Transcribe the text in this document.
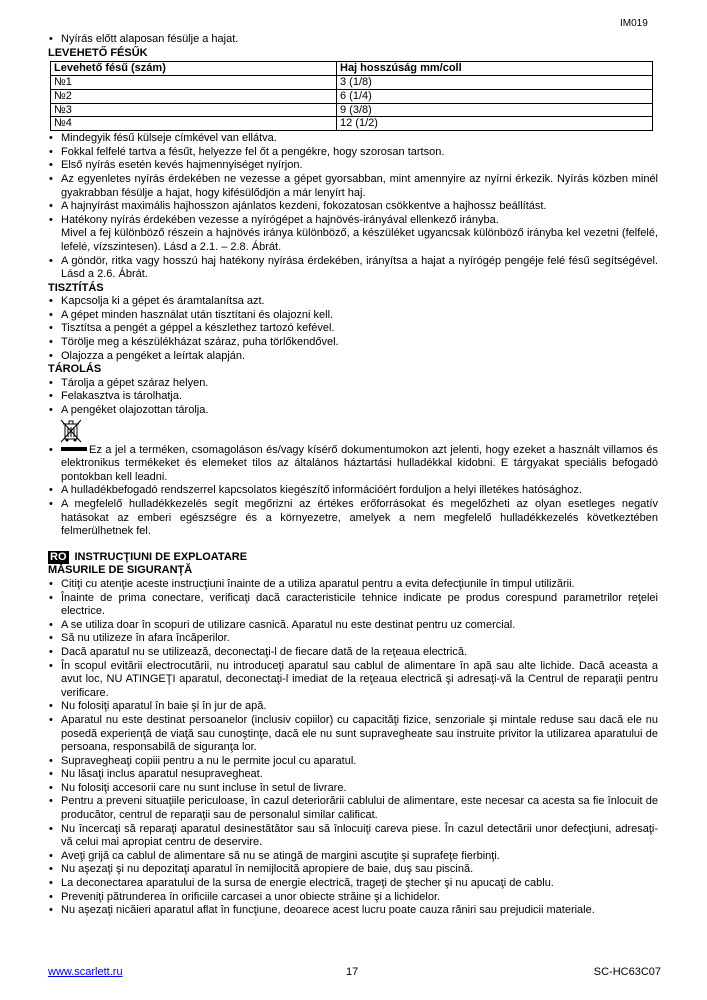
IM019
• Nyírás előtt alaposan fésülje a hajat.
LEVEHETŐ FÉSŰK
Levehető fésű (szám)	Haj hosszúság mm/coll
№1	3 (1/8)
№2	6 (1/4)
№3	9 (3/8)
№4	12 (1/2)
• Mindegyik fésű külseje címkével van ellátva.
• Fokkal felfelé tartva a fésűt, helyezze fel őt a pengékre, hogy szorosan tartson.
• Első nyírás esetén kevés hajmennyiséget nyírjon.
• Az egyenletes nyírás érdekében ne vezesse a gépet gyorsabban, mint amennyire az nyírni érkezik. Nyírás közben minél gyakrabban fésülje a hajat, hogy kifésülődjön a már lenyírt haj.
• A hajnyírást maximális hajhosszon ajánlatos kezdeni, fokozatosan csökkentve a hajhossz beállítást.
• Hatékony nyírás érdekében vezesse a nyírógépet a hajnövés-irányával ellenkező irányba.
Mivel a fej különböző részein a hajnövés iránya különböző, a készüléket ugyancsak különböző irányba kel vezetni (felfelé, lefelé, vízszintesen). Lásd a 2.1. – 2.8. Ábrát.
• A göndör, ritka vagy hosszú haj hatékony nyírása érdekében, irányítsa a hajat a nyírógép pengéje felé fésű segítségével. Lásd a 2.6. Ábrát.
TISZTÍTÁS
• Kapcsolja ki a gépet és áramtalanítsa azt.
• A gépet minden használat után tisztítani és olajozni kell.
• Tisztítsa a pengét a géppel a készlethez tartozó kefével.
• Törölje meg a készülékházat száraz, puha törlőkendővel.
• Olajozza a pengéket a leírtak alapján.
TÁROLÁS
• Tárolja a gépet száraz helyen.
• Felakasztva is tárolhatja.
• A pengéket olajozottan tárolja.
• Ez a jel a terméken, csomagoláson és/vagy kísérő dokumentumokon azt jelenti, hogy ezeket a használt villamos és elektronikus termékeket és elemeket tilos az általános háztartási hulladékkal kidobni. E tárgyakat speciális befogadó pontokban kell leadni.
• A hulladékbefogadó rendszerrel kapcsolatos kiegészítő információért forduljon a helyi illetékes hatósághoz.
• A megfelelő hulladékkezelés segít megőrizni az értékes erőforrásokat és megelőzheti az olyan esetleges negatív hatásokat az emberi egészségre és a környezetre, amelyek a nem megfelelő hulladékkezelés következtében felmerülhetnek fel.
RO INSTRUCŢIUNI DE EXPLOATARE
MĂSURILE DE SIGURANŢĂ
• Citiţi cu atenţie aceste instrucţiuni înainte de a utiliza aparatul pentru a evita defecţiunile în timpul utilizării.
• Înainte de prima conectare, verificaţi dacă caracteristicile tehnice indicate pe produs corespund parametrilor reţelei electrice.
• A se utiliza doar în scopuri de utilizare casnică. Aparatul nu este destinat pentru uz comercial.
• Să nu utilizeze în afara încăperilor.
• Dacă aparatul nu se utilizează, deconectaţi-l de fiecare dată de la reţeaua electrică.
• În scopul evitării electrocutării, nu introduceţi aparatul sau cablul de alimentare în apă sau alte lichide. Dacă aceasta a avut loc, NU ATINGEŢI aparatul, deconectaţi-l imediat de la reţeaua electrică şi adresaţi-vă la Centrul de reparaţii pentru verificare.
• Nu folosiţi aparatul în baie şi în jur de apă.
• Aparatul nu este destinat persoanelor (inclusiv copiilor) cu capacităţi fizice, senzoriale şi mintale reduse sau dacă ele nu posedă experienţă de viaţă sau cunoştinţe, dacă ele nu sunt supravegheate sau instruite privitor la utilizarea aparatului de persoana, responsabilă de siguranţa lor.
• Supravegheaţi copiii pentru a nu le permite jocul cu aparatul.
• Nu lăsaţi inclus aparatul nesupravegheat.
• Nu folosiţi accesorii care nu sunt incluse în setul de livrare.
• Pentru a preveni situaţiile periculoase, în cazul deteriorării cablului de alimentare, este necesar ca acesta sa fie înlocuit de producător, centrul de reparaţii sau de personalul similar calificat.
• Nu încercaţi să reparaţi aparatul desinestătător sau să înlocuiţi careva piese. În cazul detectării unor defecţiuni, adresaţi-vă celui mai apropiat centru de deservire.
• Aveţi grijă ca cablul de alimentare să nu se atingă de margini ascuţite şi suprafeţe fierbinţi.
• Nu aşezaţi şi nu depozitaţi aparatul în nemijlocită apropiere de baie, duş sau piscină.
• La deconectarea aparatului de la sursa de energie electrică, trageţi de ştecher şi nu apucaţi de cablu.
• Preveniţi pătrunderea în orificiile carcasei a unor obiecte străine şi a lichidelor.
• Nu aşezaţi nicăieri aparatul aflat în funcţiune, deoarece acest lucru poate cauza răniri sau prejudicii materiale.
www.scarlett.ru	17	SC-HC63C07
